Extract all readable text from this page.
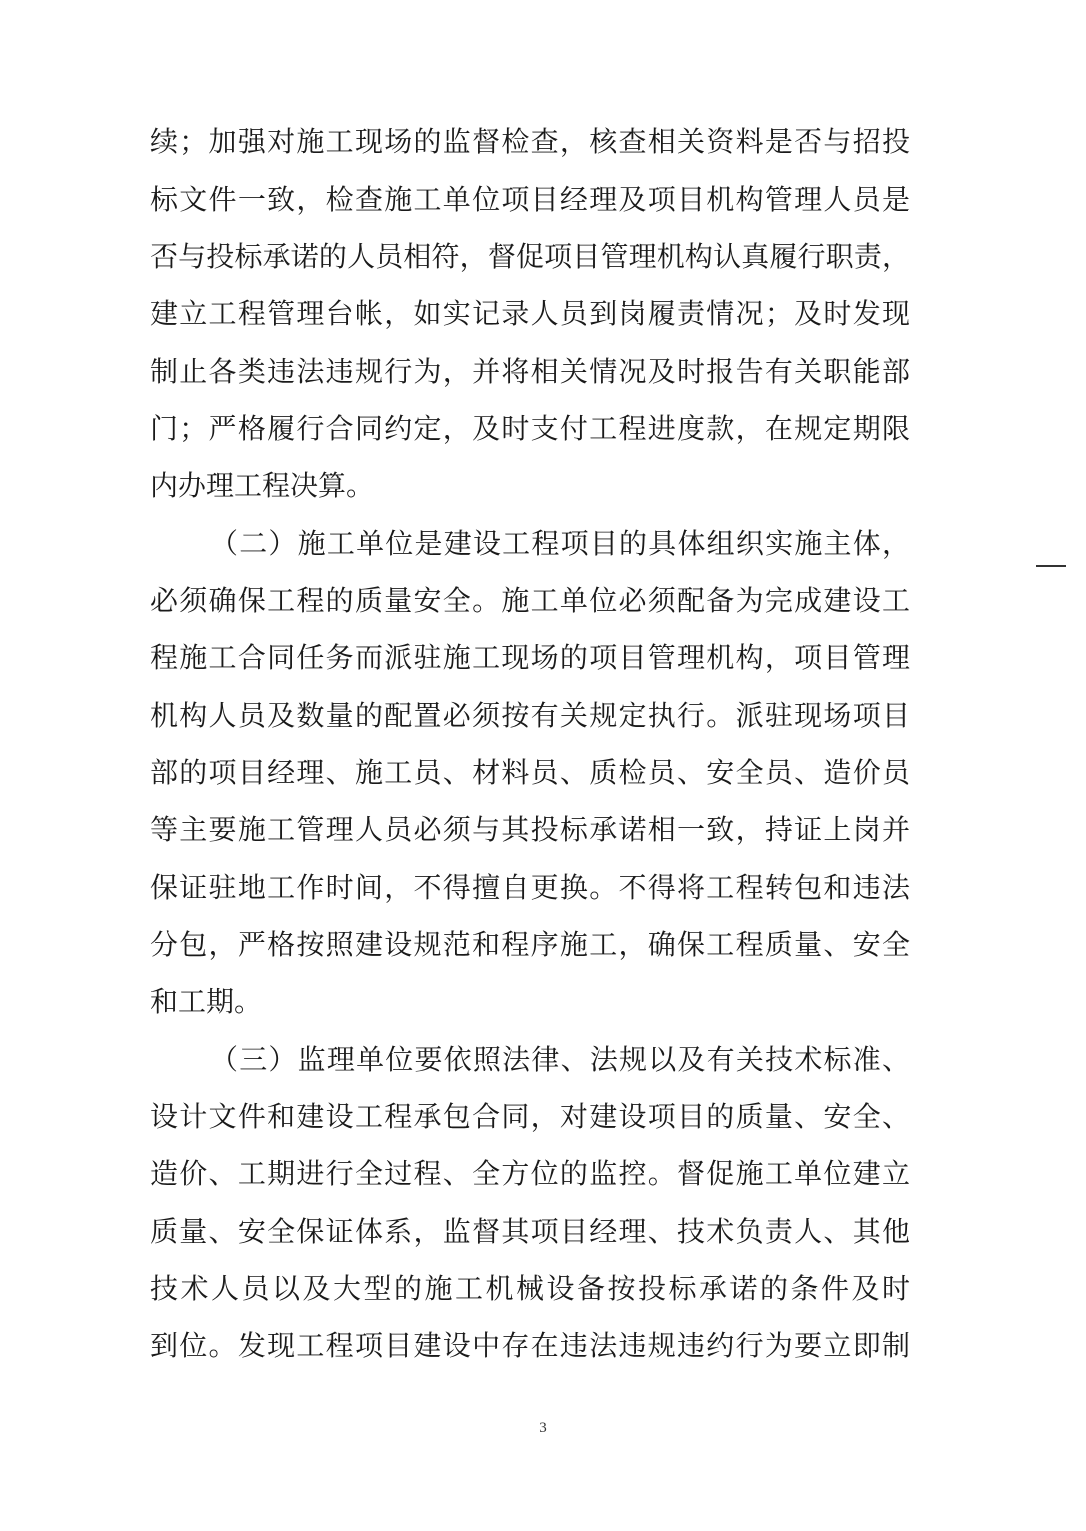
续；加强对施工现场的监督检查，核查相关资料是否与招投
标文件一致，检查施工单位项目经理及项目机构管理人员是
否与投标承诺的人员相符，督促项目管理机构认真履行职责，
建立工程管理台帐，如实记录人员到岗履责情况；及时发现
制止各类违法违规行为，并将相关情况及时报告有关职能部
门；严格履行合同约定，及时支付工程进度款，在规定期限
内办理工程决算。
（二）施工单位是建设工程项目的具体组织实施主体，
必须确保工程的质量安全。施工单位必须配备为完成建设工
程施工合同任务而派驻施工现场的项目管理机构，项目管理
机构人员及数量的配置必须按有关规定执行。派驻现场项目
部的项目经理、施工员、材料员、质检员、安全员、造价员
等主要施工管理人员必须与其投标承诺相一致，持证上岗并
保证驻地工作时间，不得擅自更换。不得将工程转包和违法
分包，严格按照建设规范和程序施工，确保工程质量、安全
和工期。
（三）监理单位要依照法律、法规以及有关技术标准、
设计文件和建设工程承包合同，对建设项目的质量、安全、
造价、工期进行全过程、全方位的监控。督促施工单位建立
质量、安全保证体系，监督其项目经理、技术负责人、其他
技术人员以及大型的施工机械设备按投标承诺的条件及时
到位。发现工程项目建设中存在违法违规违约行为要立即制
3
